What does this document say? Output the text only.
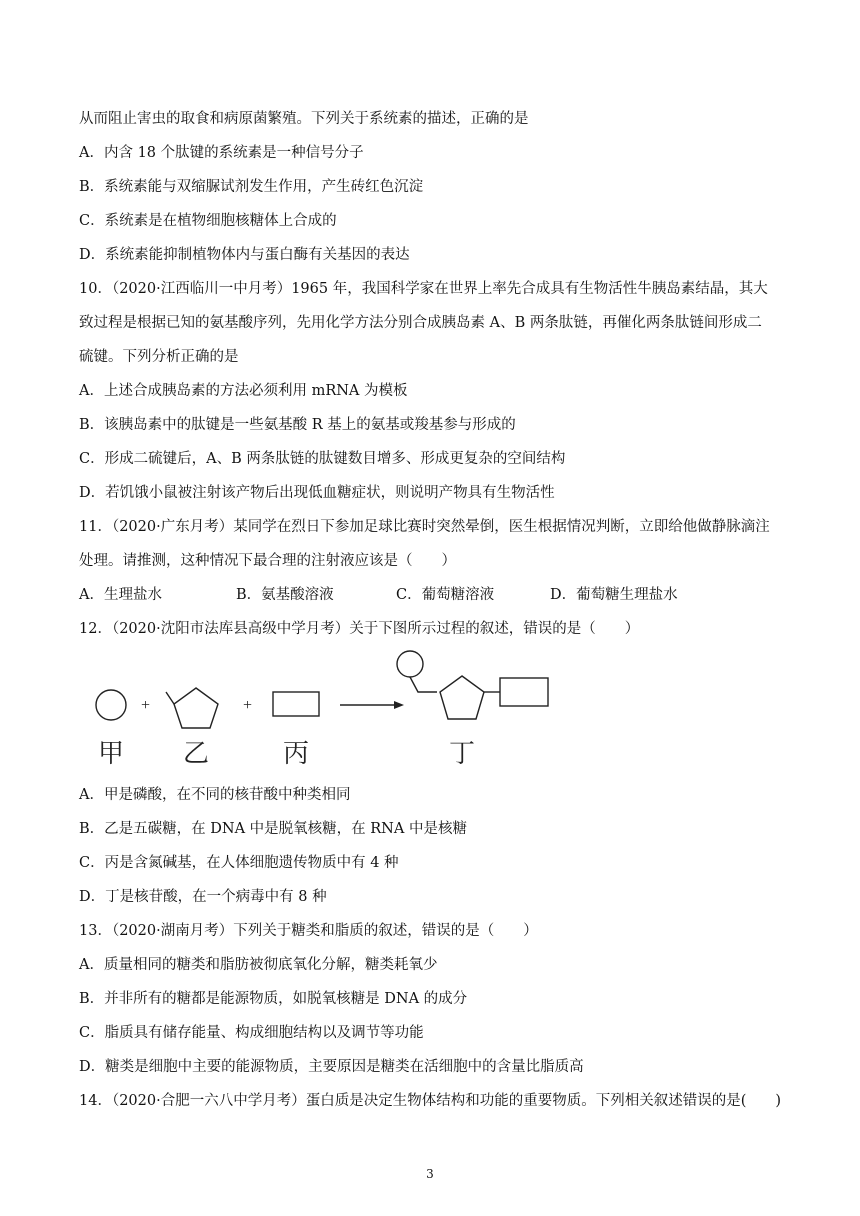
从而阻止害虫的取食和病原菌繁殖。下列关于系统素的描述，正确的是
A．内含 18 个肽键的系统素是一种信号分子
B．系统素能与双缩脲试剂发生作用，产生砖红色沉淀
C．系统素是在植物细胞核糖体上合成的
D．系统素能抑制植物体内与蛋白酶有关基因的表达
10．（2020·江西临川一中月考）1965 年，我国科学家在世界上率先合成具有生物活性牛胰岛素结晶，其大
致过程是根据已知的氨基酸序列，先用化学方法分别合成胰岛素 A、B 两条肽链，再催化两条肽链间形成二
硫键。下列分析正确的是
A．上述合成胰岛素的方法必须利用 mRNA 为模板
B．该胰岛素中的肽键是一些氨基酸 R 基上的氨基或羧基参与形成的
C．形成二硫键后，A、B 两条肽链的肽键数目增多、形成更复杂的空间结构
D．若饥饿小鼠被注射该产物后出现低血糖症状，则说明产物具有生物活性
11．（2020·广东月考）某同学在烈日下参加足球比赛时突然晕倒，医生根据情况判断，立即给他做静脉滴注
处理。请推测，这种情况下最合理的注射液应该是（　　）
A．生理盐水	B．氨基酸溶液	C．葡萄糖溶液	D．葡萄糖生理盐水
12．（2020·沈阳市法库县高级中学月考）关于下图所示过程的叙述，错误的是（　　）
+	+
甲 乙	丙	丁
A．甲是磷酸，在不同的核苷酸中种类相同
B．乙是五碳糖，在 DNA 中是脱氧核糖，在 RNA 中是核糖
C．丙是含氮碱基，在人体细胞遗传物质中有 4 种
D．丁是核苷酸，在一个病毒中有 8 种
13．（2020·湖南月考）下列关于糖类和脂质的叙述，错误的是（　　）
A．质量相同的糖类和脂肪被彻底氧化分解，糖类耗氧少
B．并非所有的糖都是能源物质，如脱氧核糖是 DNA 的成分
C．脂质具有储存能量、构成细胞结构以及调节等功能
D．糖类是细胞中主要的能源物质，主要原因是糖类在活细胞中的含量比脂质高
14．（2020·合肥一六八中学月考）蛋白质是决定生物体结构和功能的重要物质。下列相关叙述错误的是(　　)
3
